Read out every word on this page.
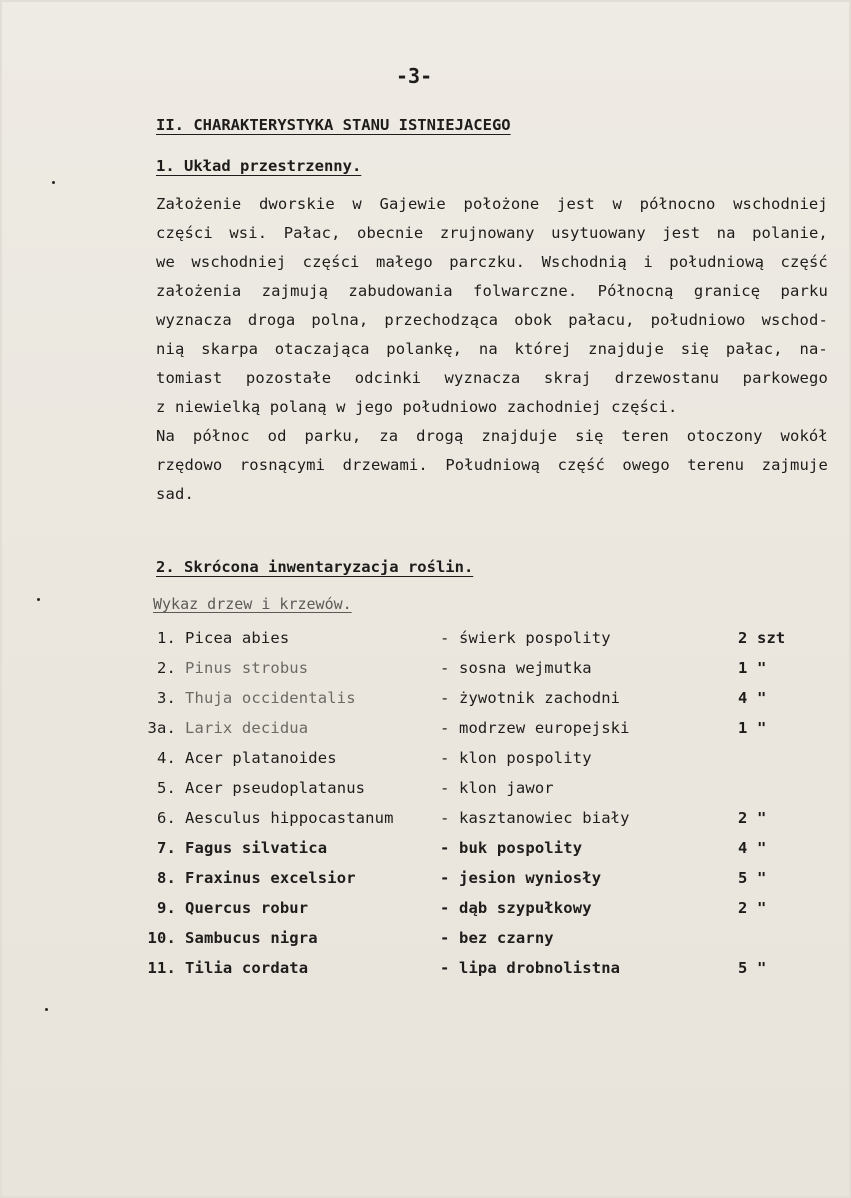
-3-
II. CHARAKTERYSTYKA STANU ISTNIEJACEGO
1. Układ przestrzenny.
Założenie dworskie w Gajewie położone jest w północno wschodniej
części wsi. Pałac, obecnie zrujnowany usytuowany jest na polanie,
we wschodniej części małego parczku. Wschodnią i południową część
założenia zajmują zabudowania folwarczne. Północną granicę parku
wyznacza droga polna, przechodząca obok pałacu, południowo wschod-
nią skarpa otaczająca polankę, na której znajduje się pałac, na-
tomiast pozostałe odcinki wyznacza skraj drzewostanu parkowego
z niewielką polaną w jego południowo zachodniej części.
Na północ od parku, za drogą znajduje się teren otoczony wokół
rzędowo rosnącymi drzewami. Południową część owego terenu zajmuje
sad.
2. Skrócona inwentaryzacja roślin.
Wykaz drzew i krzewów.
1. Picea abies	- świerk pospolity	2 szt
2. Pinus strobus	- sosna wejmutka	1 "
3. Thuja occidentalis	- żywotnik zachodni	4 "
3a. Larix decidua	- modrzew europejski	1 "
4. Acer platanoides	- klon pospolity
5. Acer pseudoplatanus	- klon jawor
6. Aesculus hippocastanum	- kasztanowiec biały	2 "
7. Fagus silvatica	- buk pospolity	4 "
8. Fraxinus excelsior	- jesion wyniosły	5 "
9. Quercus robur	- dąb szypułkowy	2 "
10. Sambucus nigra	- bez czarny
11. Tilia cordata	- lipa drobnolistna	5 "
